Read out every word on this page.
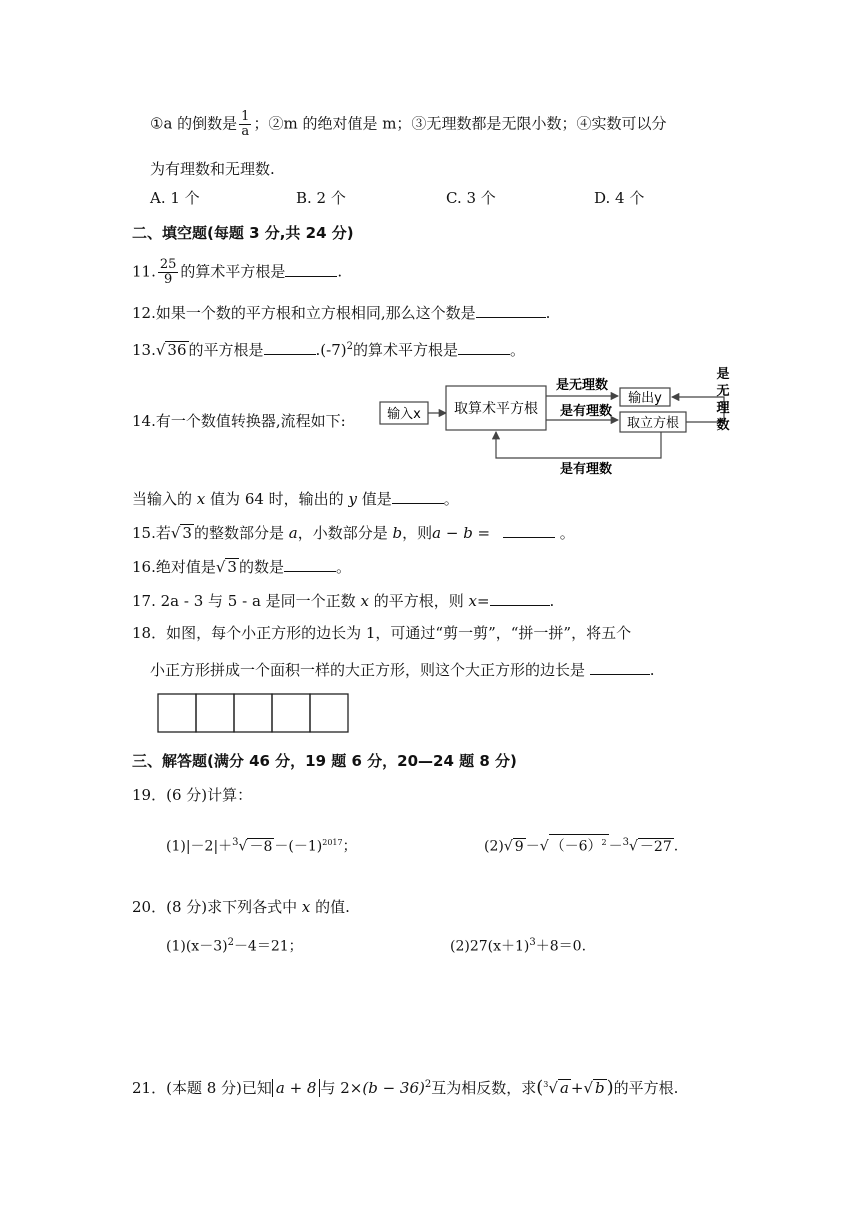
①a 的倒数是 $\frac{1}{a}$ ；②m 的绝对值是 m；③无理数都是无限小数；④实数可以分
为有理数和无理数.
A. 1 个	B. 2 个	C. 3 个	D. 4 个
二、填空题(每题 3 分,共 24 分)
11. $\frac{25}{9}$ 的算术平方根是	.
12.如果一个数的平方根和立方根相同,那么这个数是	.
13.√ 36 的平方根是	$.(-7)^2$的算术平方根是	。
14.有一个数值转换器,流程如下:	输入x 取算术平方根
是无理数
是有理数
输出y
取立方根
是
无
理
数
是有理数
当输入的 x 值为 64 时，输出的 y 值是	。
15.若√ 3 的整数部分是 a，小数部分是 b，则a − b =	。
16.绝对值是√ 3 的数是	。
17. 2a - 3 与 5 - a 是同一个正数 x 的平方根，则 x=	.
18．如图，每个小正方形的边长为 1，可通过“剪一剪”，“拼一拼”，将五个
小正方形拼成一个面积一样的大正方形，则这个大正方形的边长是	.
三、解答题(满分 46 分，19 题 6 分，20—24 题 8 分)
19．(6 分)计算：
$(1)|-2|+^3√ -8 -(-1)^{2017}$；	(2)√ 9 －√ $(-6)^2 -^3√ -27$ .
20．(8 分)求下列各式中 x 的值.
$(1)(x-3)^2-4=21$；	$(2)27(x+1)^3+8=0$.
21．(本题 8 分)已知 a + 8 与 $2\times(b - 36)^2$互为相反数，求($^3$√ a +√ b )的平方根.
